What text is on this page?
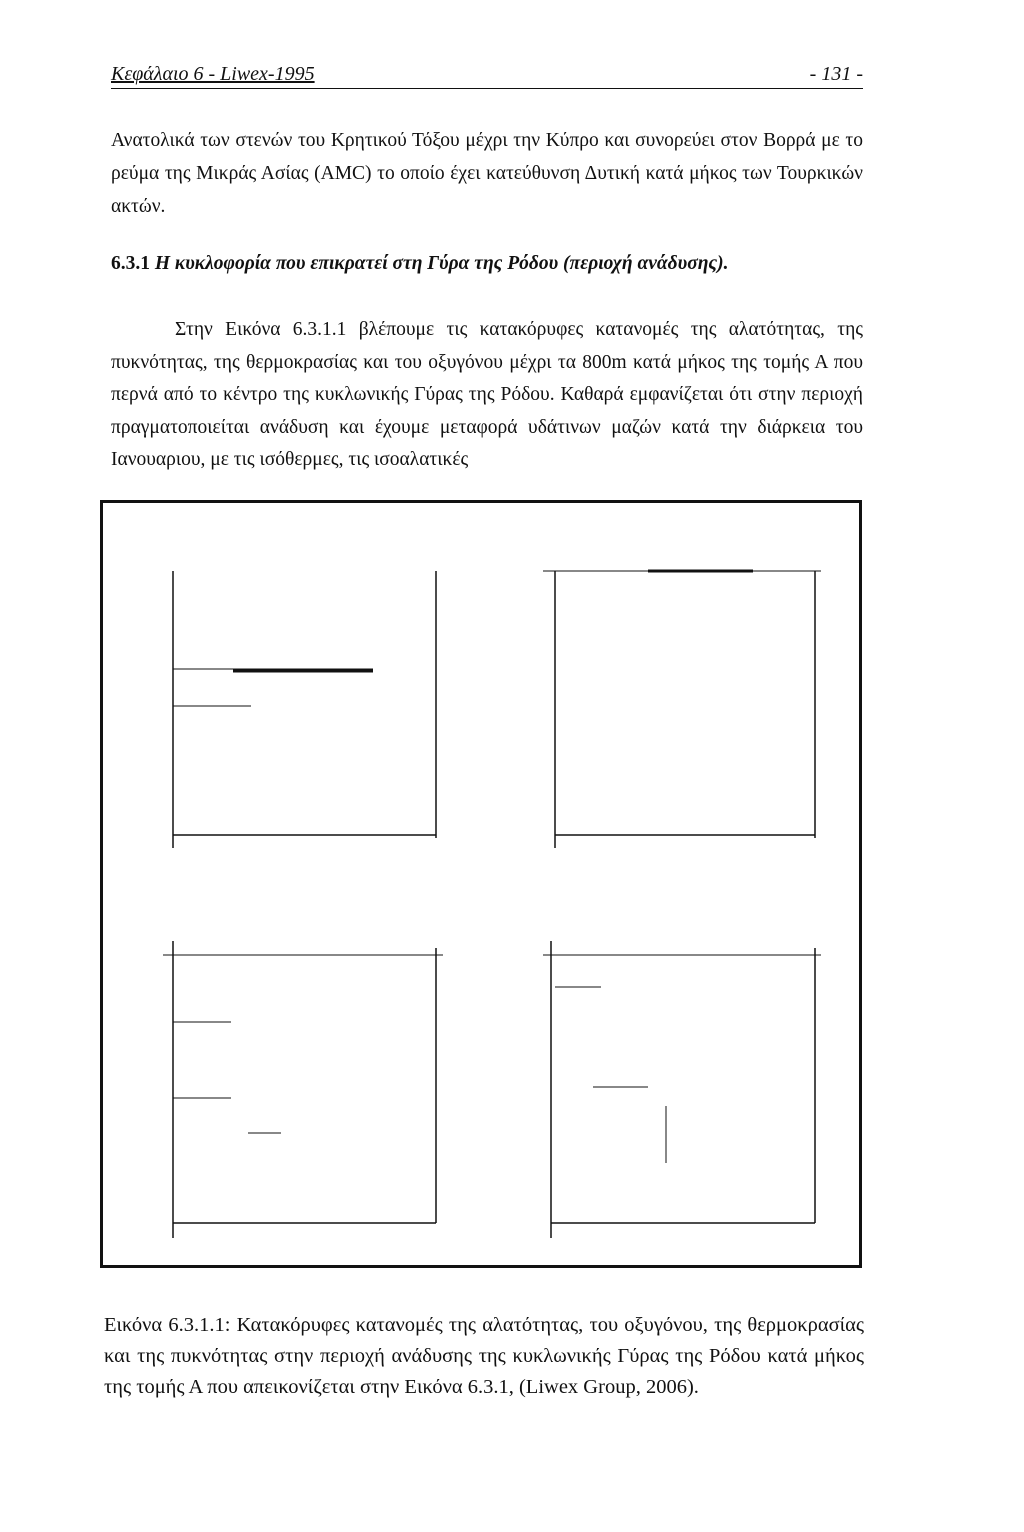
Κεφάλαιο 6 - Liwex-1995	- 131 -
Ανατολικά των στενών του Κρητικού Τόξου μέχρι την Κύπρο και συνορεύει στον Βορρά με το ρεύμα της Μικράς Ασίας (AMC) το οποίο έχει κατεύθυνση Δυτική κατά μήκος των Τουρκικών ακτών.
6.3.1 Η κυκλοφορία που επικρατεί στη Γύρα της Ρόδου (περιοχή ανάδυσης).
Στην Εικόνα 6.3.1.1 βλέπουμε τις κατακόρυφες κατανομές της αλατότητας, της πυκνότητας, της θερμοκρασίας και του οξυγόνου μέχρι τα 800m κατά μήκος της τομής Α που περνά από το κέντρο της κυκλωνικής Γύρας της Ρόδου. Καθαρά εμφανίζεται ότι στην περιοχή πραγματοποιείται ανάδυση και έχουμε μεταφορά υδάτινων μαζών κατά την διάρκεια του Ιανουαριου, με τις ισόθερμες, τις ισοαλατικές
Εικόνα 6.3.1.1: Κατακόρυφες κατανομές της αλατότητας, του οξυγόνου, της θερμοκρασίας και της πυκνότητας στην περιοχή ανάδυσης της κυκλωνικής Γύρας της Ρόδου κατά μήκος της τομής Α που απεικονίζεται στην Εικόνα 6.3.1, (Liwex Group, 2006).
